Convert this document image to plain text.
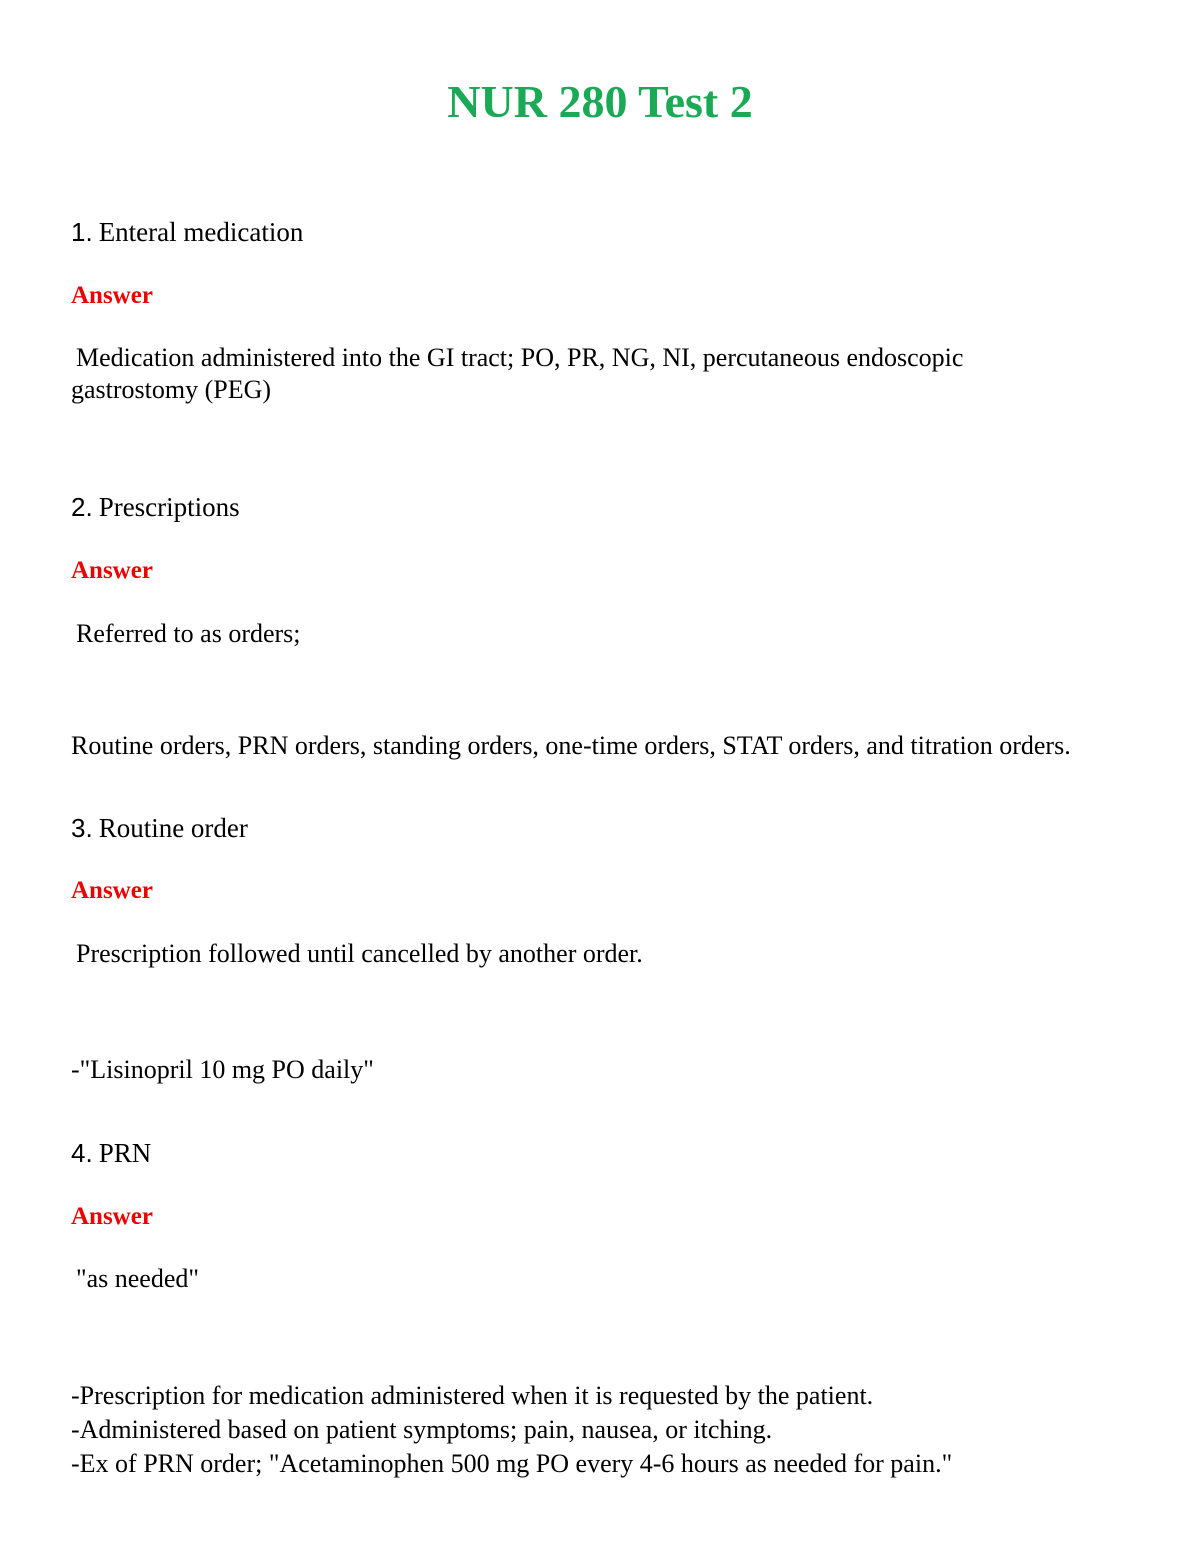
NUR 280 Test 2
1. Enteral medication
Answer
Medication administered into the GI tract; PO, PR, NG, NI, percutaneous endoscopic
gastrostomy (PEG)
2. Prescriptions
Answer
Referred to as orders;
Routine orders, PRN orders, standing orders, one-time orders, STAT orders, and titration orders.
3. Routine order
Answer
Prescription followed until cancelled by another order.
-"Lisinopril 10 mg PO daily"
4. PRN
Answer
"as needed"
-Prescription for medication administered when it is requested by the patient.
-Administered based on patient symptoms; pain, nausea, or itching.
-Ex of PRN order; "Acetaminophen 500 mg PO every 4-6 hours as needed for pain."
